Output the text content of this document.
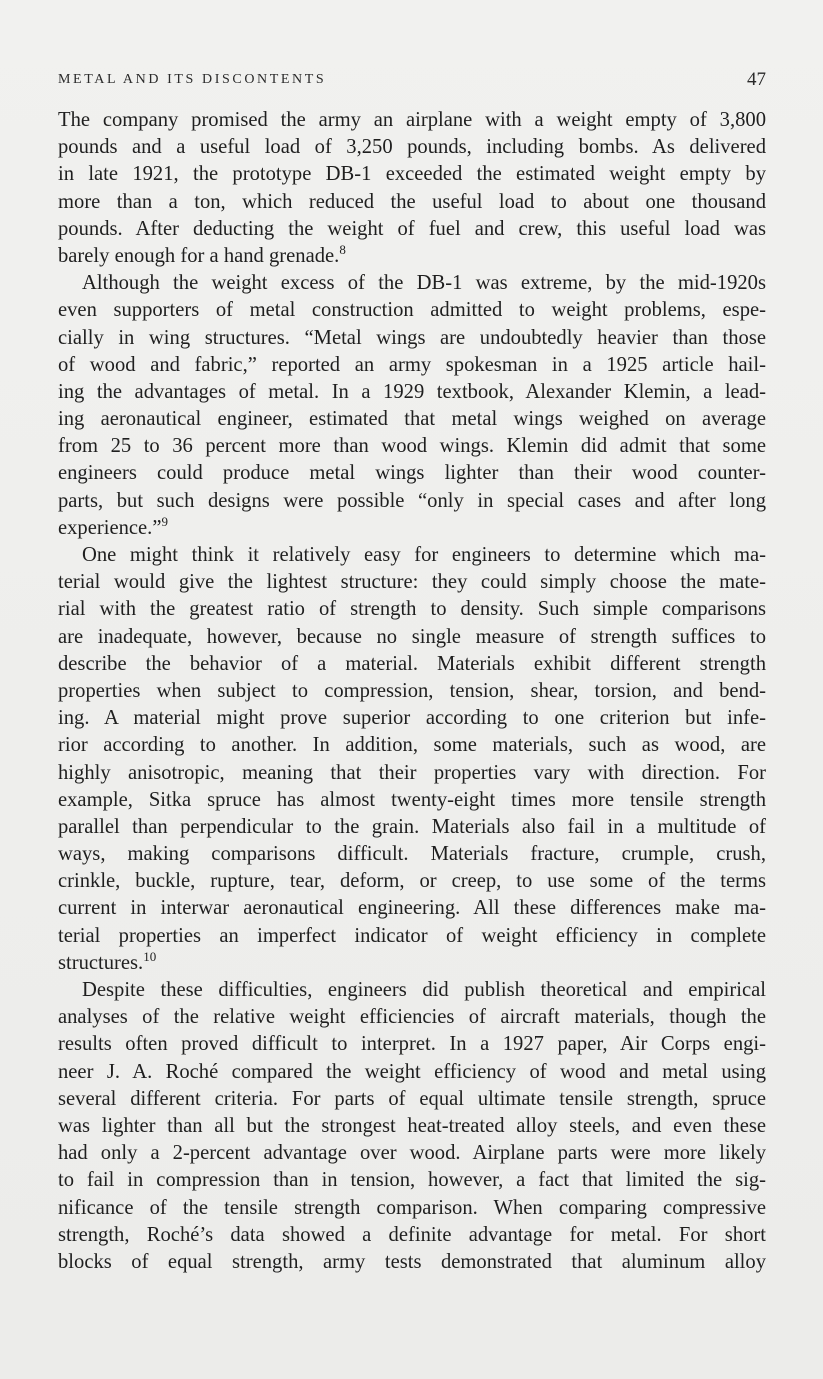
METAL AND ITS DISCONTENTS	47
The company promised the army an airplane with a weight empty of 3,800
pounds and a useful load of 3,250 pounds, including bombs. As delivered
in late 1921, the prototype DB-1 exceeded the estimated weight empty by
more than a ton, which reduced the useful load to about one thousand
pounds. After deducting the weight of fuel and crew, this useful load was
barely enough for a hand grenade.$^8$
Although the weight excess of the DB-1 was extreme, by the mid-1920s
even supporters of metal construction admitted to weight problems, espe-
cially in wing structures. “Metal wings are undoubtedly heavier than those
of wood and fabric,” reported an army spokesman in a 1925 article hail-
ing the advantages of metal. In a 1929 textbook, Alexander Klemin, a lead-
ing aeronautical engineer, estimated that metal wings weighed on average
from 25 to 36 percent more than wood wings. Klemin did admit that some
engineers could produce metal wings lighter than their wood counter-
parts, but such designs were possible “only in special cases and after long
experience.”$^9$
One might think it relatively easy for engineers to determine which ma-
terial would give the lightest structure: they could simply choose the mate-
rial with the greatest ratio of strength to density. Such simple comparisons
are inadequate, however, because no single measure of strength suffices to
describe the behavior of a material. Materials exhibit different strength
properties when subject to compression, tension, shear, torsion, and bend-
ing. A material might prove superior according to one criterion but infe-
rior according to another. In addition, some materials, such as wood, are
highly anisotropic, meaning that their properties vary with direction. For
example, Sitka spruce has almost twenty-eight times more tensile strength
parallel than perpendicular to the grain. Materials also fail in a multitude of
ways, making comparisons difficult. Materials fracture, crumple, crush,
crinkle, buckle, rupture, tear, deform, or creep, to use some of the terms
current in interwar aeronautical engineering. All these differences make ma-
terial properties an imperfect indicator of weight efficiency in complete
structures.$^{10}$
Despite these difficulties, engineers did publish theoretical and empirical
analyses of the relative weight efficiencies of aircraft materials, though the
results often proved difficult to interpret. In a 1927 paper, Air Corps engi-
neer J. A. Roché compared the weight efficiency of wood and metal using
several different criteria. For parts of equal ultimate tensile strength, spruce
was lighter than all but the strongest heat-treated alloy steels, and even these
had only a 2-percent advantage over wood. Airplane parts were more likely
to fail in compression than in tension, however, a fact that limited the sig-
nificance of the tensile strength comparison. When comparing compressive
strength, Roché’s data showed a definite advantage for metal. For short
blocks of equal strength, army tests demonstrated that aluminum alloy
